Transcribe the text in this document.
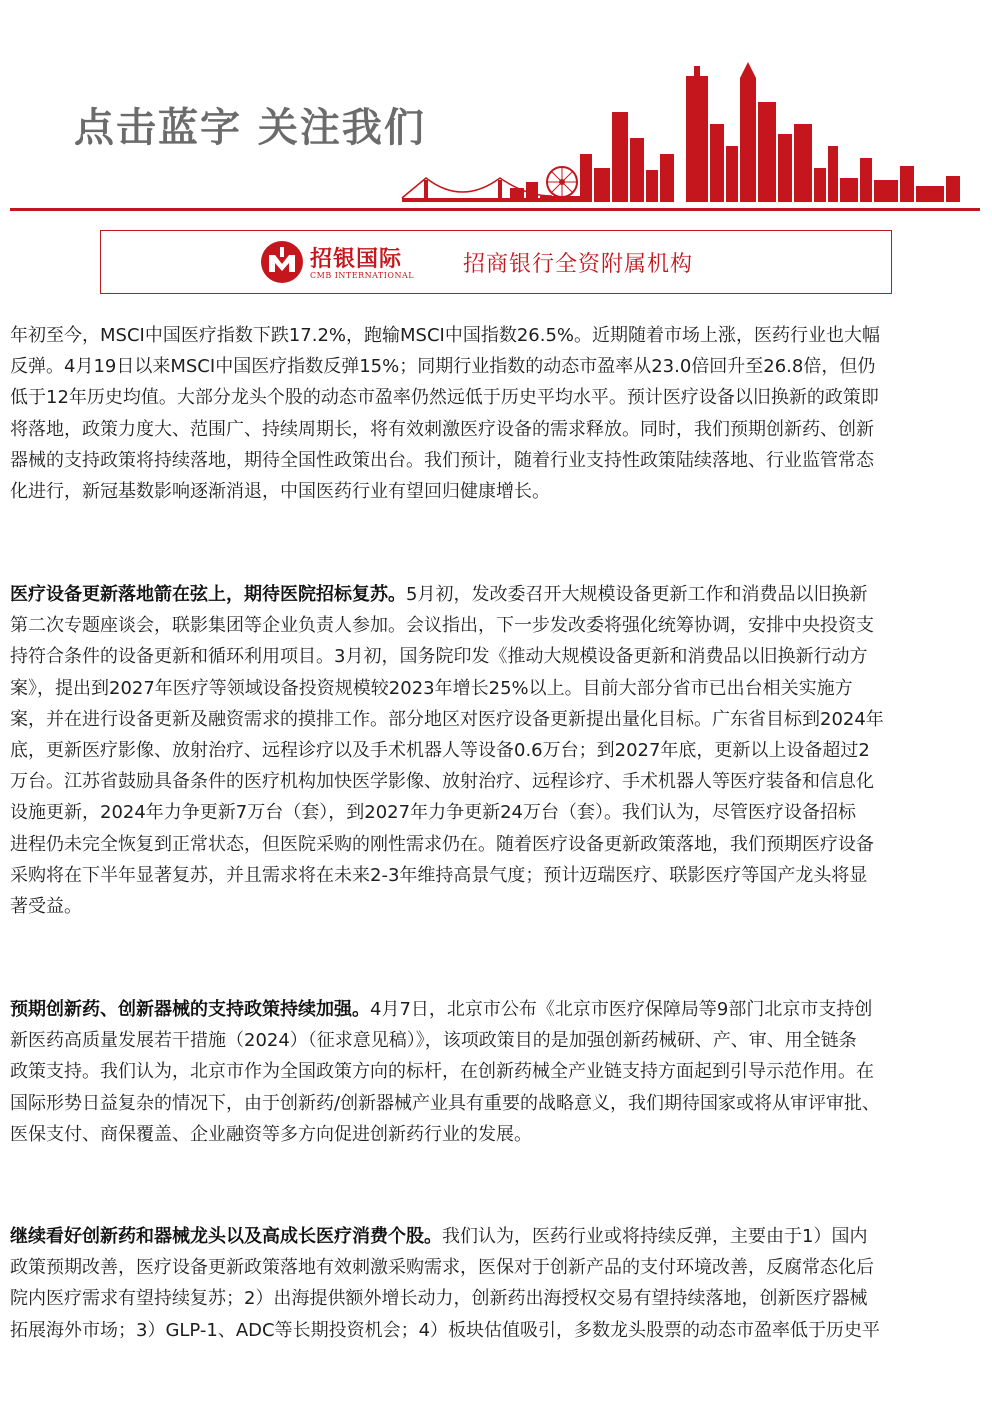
点击蓝字 关注我们
招银国际
CMB INTERNATIONAL 招商银行全资附属机构
年初至今，MSCI中国医疗指数下跌17.2%，跑输MSCI中国指数26.5%。近期随着市场上涨，医药行业也大幅
反弹。4月19日以来MSCI中国医疗指数反弹15%；同期行业指数的动态市盈率从23.0倍回升至26.8倍，但仍
低于12年历史均值。大部分龙头个股的动态市盈率仍然远低于历史平均水平。预计医疗设备以旧换新的政策即
将落地，政策力度大、范围广、持续周期长，将有效刺激医疗设备的需求释放。同时，我们预期创新药、创新
器械的支持政策将持续落地，期待全国性政策出台。我们预计，随着行业支持性政策陆续落地、行业监管常态
化进行，新冠基数影响逐渐消退，中国医药行业有望回归健康增长。
医疗设备更新落地箭在弦上，期待医院招标复苏。5月初，发改委召开大规模设备更新工作和消费品以旧换新
第二次专题座谈会，联影集团等企业负责人参加。会议指出，下一步发改委将强化统筹协调，安排中央投资支
持符合条件的设备更新和循环利用项目。3月初，国务院印发《推动大规模设备更新和消费品以旧换新行动方
案》，提出到2027年医疗等领域设备投资规模较2023年增长25%以上。目前大部分省市已出台相关实施方
案，并在进行设备更新及融资需求的摸排工作。部分地区对医疗设备更新提出量化目标。广东省目标到2024年
底，更新医疗影像、放射治疗、远程诊疗以及手术机器人等设备0.6万台；到2027年底，更新以上设备超过2
万台。江苏省鼓励具备条件的医疗机构加快医学影像、放射治疗、远程诊疗、手术机器人等医疗装备和信息化
设施更新，2024年力争更新7万台（套），到2027年力争更新24万台（套）。我们认为，尽管医疗设备招标
进程仍未完全恢复到正常状态，但医院采购的刚性需求仍在。随着医疗设备更新政策落地，我们预期医疗设备
采购将在下半年显著复苏，并且需求将在未来2-3年维持高景气度；预计迈瑞医疗、联影医疗等国产龙头将显
著受益。
预期创新药、创新器械的支持政策持续加强。4月7日，北京市公布《北京市医疗保障局等9部门北京市支持创
新医药高质量发展若干措施（2024）（征求意见稿）》，该项政策目的是加强创新药械研、产、审、用全链条
政策支持。我们认为，北京市作为全国政策方向的标杆，在创新药械全产业链支持方面起到引导示范作用。在
国际形势日益复杂的情况下，由于创新药/创新器械产业具有重要的战略意义，我们期待国家或将从审评审批、
医保支付、商保覆盖、企业融资等多方向促进创新药行业的发展。
继续看好创新药和器械龙头以及高成长医疗消费个股。我们认为，医药行业或将持续反弹，主要由于1）国内
政策预期改善，医疗设备更新政策落地有效刺激采购需求，医保对于创新产品的支付环境改善，反腐常态化后
院内医疗需求有望持续复苏；2）出海提供额外增长动力，创新药出海授权交易有望持续落地，创新医疗器械
拓展海外市场；3）GLP-1、ADC等长期投资机会；4）板块估值吸引，多数龙头股票的动态市盈率低于历史平
